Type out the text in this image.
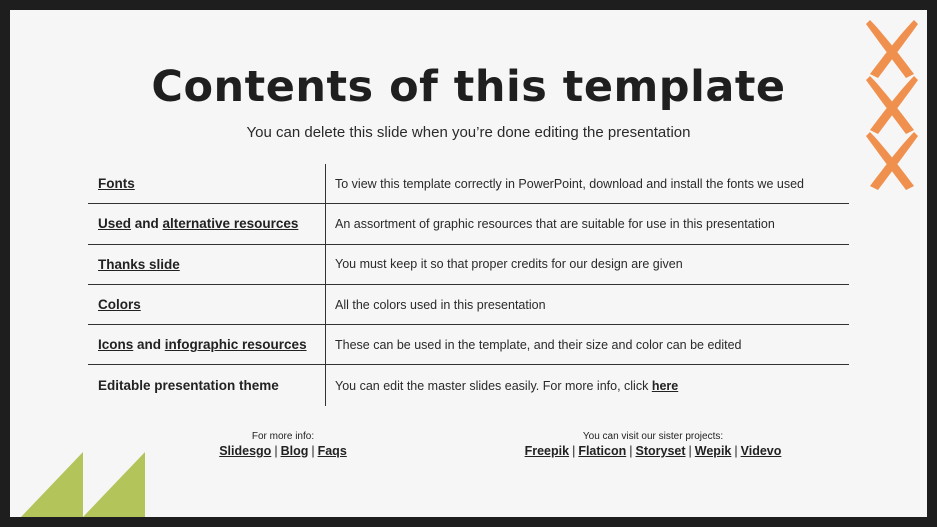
Contents of this template
You can delete this slide when you’re done editing the presentation
Fonts	To view this template correctly in PowerPoint, download and install the fonts we used
Used and alternative resources	An assortment of graphic resources that are suitable for use in this presentation
Thanks slide	You must keep it so that proper credits for our design are given
Colors	All the colors used in this presentation
Icons and infographic resources	These can be used in the template, and their size and color can be edited
Editable presentation theme	You can edit the master slides easily. For more info, click here
For more info:
Slidesgo | Blog | Faqs
You can visit our sister projects:
Freepik | Flaticon | Storyset | Wepik | Videvo
